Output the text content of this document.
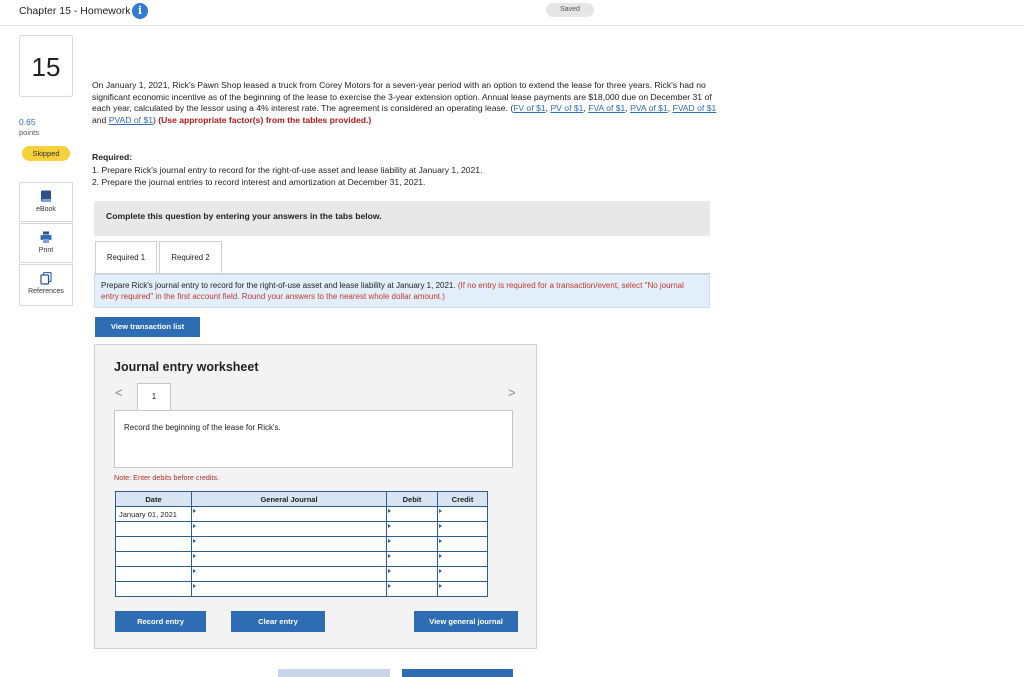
Chapter 15 - Homework i	Saved
15
0.65
points
Skipped
eBook
Print
References
On January 1, 2021, Rick's Pawn Shop leased a truck from Corey Motors for a seven-year period with an option to extend the lease for three years. Rick's had no significant economic incentive as of the beginning of the lease to exercise the 3-year extension option. Annual lease payments are $18,000 due on December 31 of each year, calculated by the lessor using a 4% interest rate. The agreement is considered an operating lease. (FV of $1, PV of $1, FVA of $1, PVA of $1, FVAD of $1 and PVAD of $1) (Use appropriate factor(s) from the tables provided.)
Required:
1. Prepare Rick's journal entry to record for the right-of-use asset and lease liability at January 1, 2021.
2. Prepare the journal entries to record interest and amortization at December 31, 2021.
Complete this question by entering your answers in the tabs below.
Required 1	Required 2
Prepare Rick's journal entry to record for the right-of-use asset and lease liability at January 1, 2021. (If no entry is required for a transaction/event, select "No journal entry required" in the first account field. Round your answers to the nearest whole dollar amount.)
View transaction list
Journal entry worksheet
<	1	>
Record the beginning of the lease for Rick's.
Note: Enter debits before credits.
Date	General Journal	Debit	Credit
January 01, 2021	

Record entry	Clear entry	View general journal
